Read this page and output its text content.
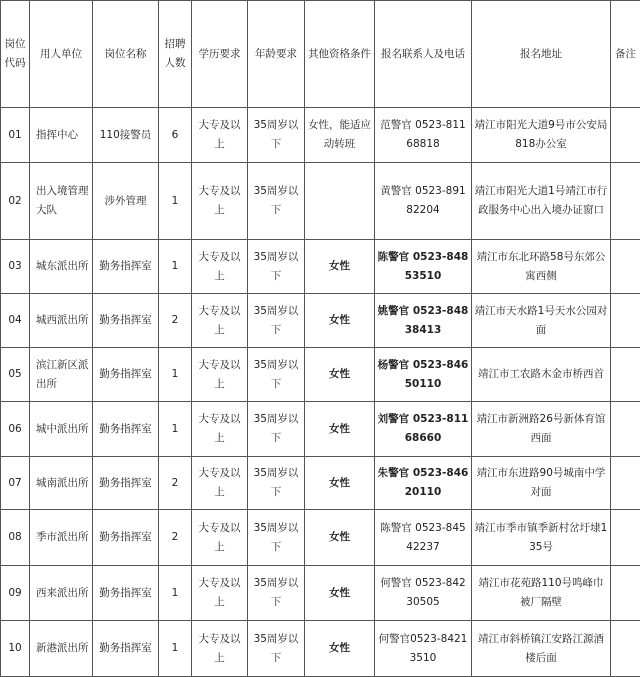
岗位代码	用人单位	岗位名称	招聘人数	学历要求	年龄要求	其他资格条件	报名联系人及电话	报名地址	备注
01	指挥中心	110接警员	6	大专及以上	35周岁以下	女性，能适应动转班	范警官 0523-81168818	靖江市阳光大道9号市公安局818办公室	
02	出入境管理大队	涉外管理	1	大专及以上	35周岁以下		黄警官 0523-89182204	靖江市阳光大道1号靖江市行政服务中心出入境办证窗口	
03	城东派出所	勤务指挥室	1	大专及以上	35周岁以下	女性	陈警官 0523-84853510	靖江市东北环路58号东郊公寓西侧	
04	城西派出所	勤务指挥室	2	大专及以上	35周岁以下	女性	姚警官 0523-84838413	靖江市天水路1号天水公园对面	
05	滨江新区派出所	勤务指挥室	1	大专及以上	35周岁以下	女性	杨警官 0523-84650110	靖江市工农路木金市桥西首	
06	城中派出所	勤务指挥室	1	大专及以上	35周岁以下	女性	刘警官 0523-81168660	靖江市新洲路26号新体育馆西面	
07	城南派出所	勤务指挥室	2	大专及以上	35周岁以下	女性	朱警官 0523-84620110	靖江市东进路90号城南中学对面	
08	季市派出所	勤务指挥室	2	大专及以上	35周岁以下	女性	陈警官 0523-84542237	靖江市季市镇季新村岔圩埭135号	
09	西来派出所	勤务指挥室	1	大专及以上	35周岁以下	女性	何警官 0523-84230505	靖江市花苑路110号鸣峰巾被厂隔壁	
10	新港派出所	勤务指挥室	1	大专及以上	35周岁以下	女性	何警官0523-84213510	靖江市斜桥镇江安路江源酒楼后面	
